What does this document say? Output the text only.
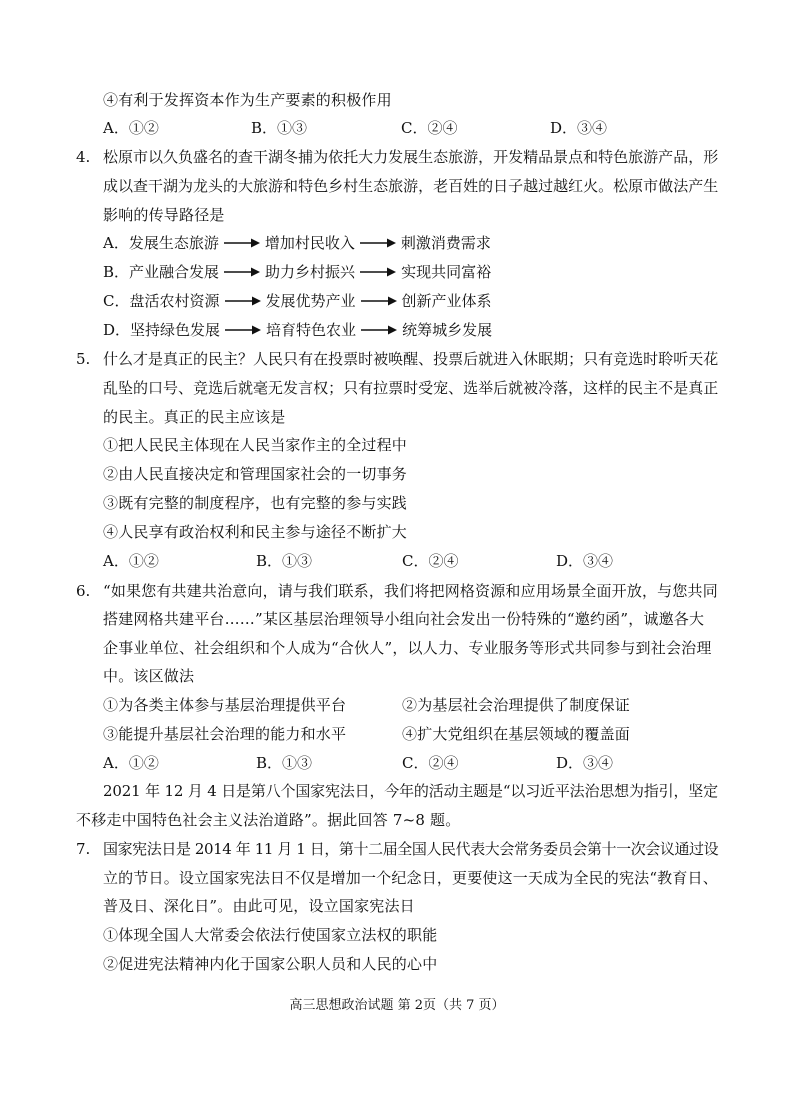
④有利于发挥资本作为生产要素的积极作用
A．①②	B．①③	C．②④	D．③④
4. 松原市以久负盛名的查干湖冬捕为依托大力发展生态旅游，开发精品景点和特色旅游产品，形
成以查干湖为龙头的大旅游和特色乡村生态旅游，老百姓的日子越过越红火。松原市做法产生
影响的传导路径是
A． 发展生态旅游	增加村民收入	刺激消费需求
B． 产业融合发展	助力乡村振兴	实现共同富裕
C． 盘活农村资源	发展优势产业	创新产业体系
D． 坚持绿色发展	培育特色农业	统筹城乡发展
5. 什么才是真正的民主？人民只有在投票时被唤醒、投票后就进入休眠期；只有竞选时聆听天花
乱坠的口号、竞选后就毫无发言权；只有拉票时受宠、选举后就被冷落，这样的民主不是真正
的民主。真正的民主应该是
①把人民民主体现在人民当家作主的全过程中
②由人民直接决定和管理国家社会的一切事务
③既有完整的制度程序，也有完整的参与实践
④人民享有政治权利和民主参与途径不断扩大
A．①②	B．①③	C．②④	D．③④
6. “如果您有共建共治意向，请与我们联系，我们将把网格资源和应用场景全面开放，与您共同
搭建网格共建平台……”某区基层治理领导小组向社会发出一份特殊的“邀约函”，诚邀各大
企事业单位、社会组织和个人成为“合伙人”，以人力、专业服务等形式共同参与到社会治理
中。该区做法
①为各类主体参与基层治理提供平台	②为基层社会治理提供了制度保证
③能提升基层社会治理的能力和水平	④扩大党组织在基层领域的覆盖面
A．①②	B．①③	C．②④	D．③④
2021 年 12 月 4 日是第八个国家宪法日，今年的活动主题是“以习近平法治思想为指引，坚定
不移走中国特色社会主义法治道路”。据此回答 7~8 题。
7. 国家宪法日是 2014 年 11 月 1 日，第十二届全国人民代表大会常务委员会第十一次会议通过设
立的节日。设立国家宪法日不仅是增加一个纪念日，更要使这一天成为全民的宪法“教育日、
普及日、深化日”。由此可见，设立国家宪法日
①体现全国人大常委会依法行使国家立法权的职能
②促进宪法精神内化于国家公职人员和人民的心中
高三思想政治试题 第 2页（共 7 页）
